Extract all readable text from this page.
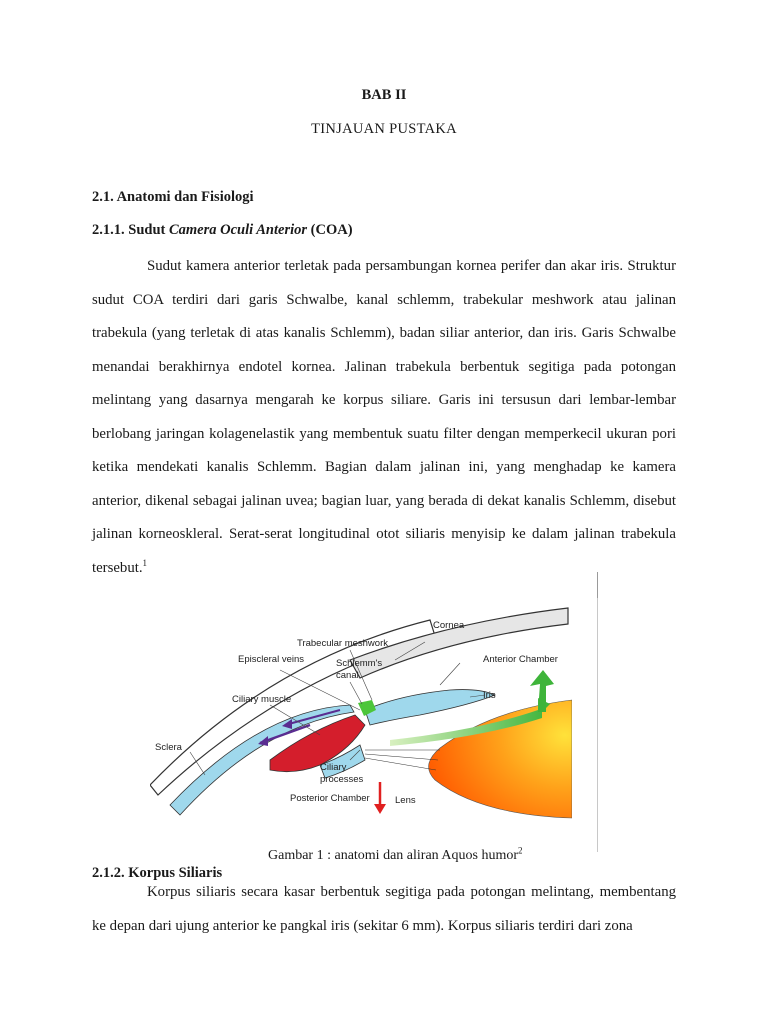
BAB II
TINJAUAN PUSTAKA
2.1. Anatomi dan Fisiologi
2.1.1. Sudut Camera Oculi Anterior (COA)
Sudut kamera anterior terletak pada persambungan kornea perifer dan akar iris. Struktur sudut COA terdiri dari garis Schwalbe, kanal schlemm, trabekular meshwork atau jalinan trabekula (yang terletak di atas kanalis Schlemm), badan siliar anterior, dan iris. Garis Schwalbe menandai berakhirnya endotel kornea. Jalinan trabekula berbentuk segitiga pada potongan melintang yang dasarnya mengarah ke korpus siliare. Garis ini tersusun dari lembar-lembar berlobang jaringan kolagenelastik yang membentuk suatu filter dengan memperkecil ukuran pori ketika mendekati kanalis Schlemm. Bagian dalam jalinan ini, yang menghadap ke kamera anterior, dikenal sebagai jalinan uvea; bagian luar, yang berada di dekat kanalis Schlemm, disebut jalinan korneoskleral. Serat-serat longitudinal otot siliaris menyisip ke dalam jalinan trabekula tersebut.$^1$
Cornea
Trabecular meshwork
Episcleral veins	Schlemm's
canal
Anterior Chamber
Iris
Ciliary muscle
Sclera
Ciliary
processes
Posterior Chamber	Lens
Gambar 1 : anatomi dan aliran Aquos humor$^2$
2.1.2. Korpus Siliaris
Korpus siliaris secara kasar berbentuk segitiga pada potongan melintang, membentang ke depan dari ujung anterior ke pangkal iris (sekitar 6 mm). Korpus siliaris terdiri dari zona
